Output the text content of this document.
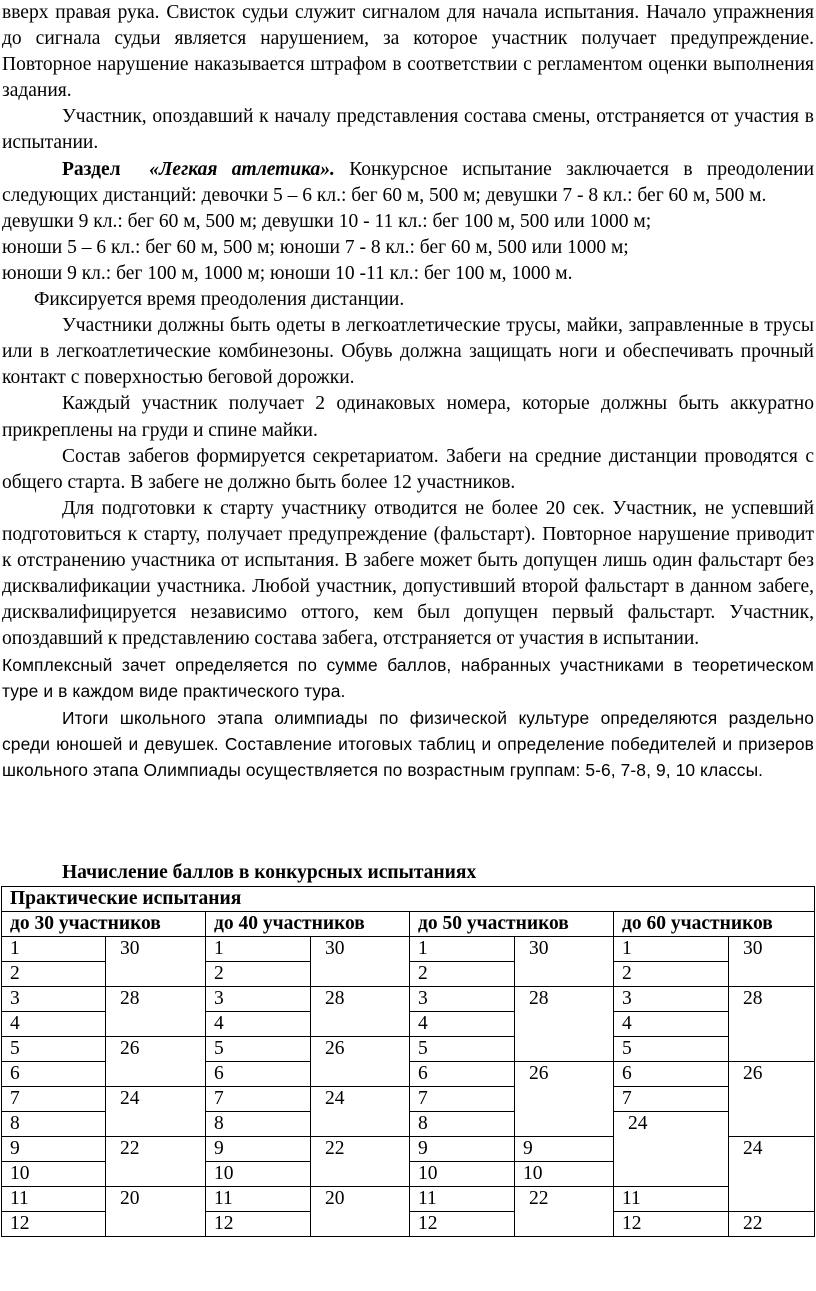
вверх правая рука. Свисток судьи служит сигналом для начала испытания. Начало упражнения до сигнала судьи является нарушением, за которое участник получает предупреждение. Повторное нарушение наказывается штрафом в соответствии с регламентом оценки выполнения задания.

Участник, опоздавший к началу представления состава смены, отстраняется от участия в испытании.

Раздел «Легкая атлетика». Конкурсное испытание заключается в преодолении следующих дистанций: девочки 5 – 6 кл.: бег 60 м, 500 м; девушки 7 - 8 кл.: бег 60 м, 500 м.

девушки 9 кл.: бег 60 м, 500 м; девушки 10 - 11 кл.: бег 100 м, 500 или 1000 м;

юноши 5 – 6 кл.: бег 60 м, 500 м; юноши 7 - 8 кл.: бег 60 м, 500 или 1000 м;

юноши 9 кл.: бег 100 м, 1000 м; юноши 10 -11 кл.: бег 100 м, 1000 м.

Фиксируется время преодоления дистанции.

Участники должны быть одеты в легкоатлетические трусы, майки, заправленные в трусы или в легкоатлетические комбинезоны. Обувь должна защищать ноги и обеспечивать прочный контакт с поверхностью беговой дорожки.

Каждый участник получает 2 одинаковых номера, которые должны быть аккуратно прикреплены на груди и спине майки.

Состав забегов формируется секретариатом. Забеги на средние дистанции проводятся с общего старта. В забеге не должно быть более 12 участников.

Для подготовки к старту участнику отводится не более 20 сек. Участник, не успевший подготовиться к старту, получает предупреждение (фальстарт). Повторное нарушение приводит к отстранению участника от испытания. В забеге может быть допущен лишь один фальстарт без дисквалификации участника. Любой участник, допустивший второй фальстарт в данном забеге, дисквалифицируется независимо оттого, кем был допущен первый фальстарт. Участник, опоздавший к представлению состава забега, отстраняется от участия в испытании.

Комплексный зачет определяется по сумме баллов, набранных участниками в теоретическом туре и в каждом виде практического тура.

Итоги школьного этапа олимпиады по физической культуре определяются раздельно среди юношей и девушек. Составление итоговых таблиц и определение победителей и призеров школьного этапа Олимпиады осуществляется по возрастным группам: 5-6, 7-8, 9, 10 классы.

Начисление баллов в конкурсных испытаниях
Практические испытания								
до 30 участников		до 40 участников		до 50 участников		до 60 участников		
1	30	1	30	1	30	1	30	
2		2		2		2		
3	28	3	28	3	28	3	28	
4		4		4		4		
5	26	5	26	5		5		
6		6		6	26	6	26	
7	24	7	24	7		7		
8		8		8		24	
9	22	9	22	9	9		24	
10		10		10	10			
11	20	11	20	11	22	11		
12		12		12		12	22	
